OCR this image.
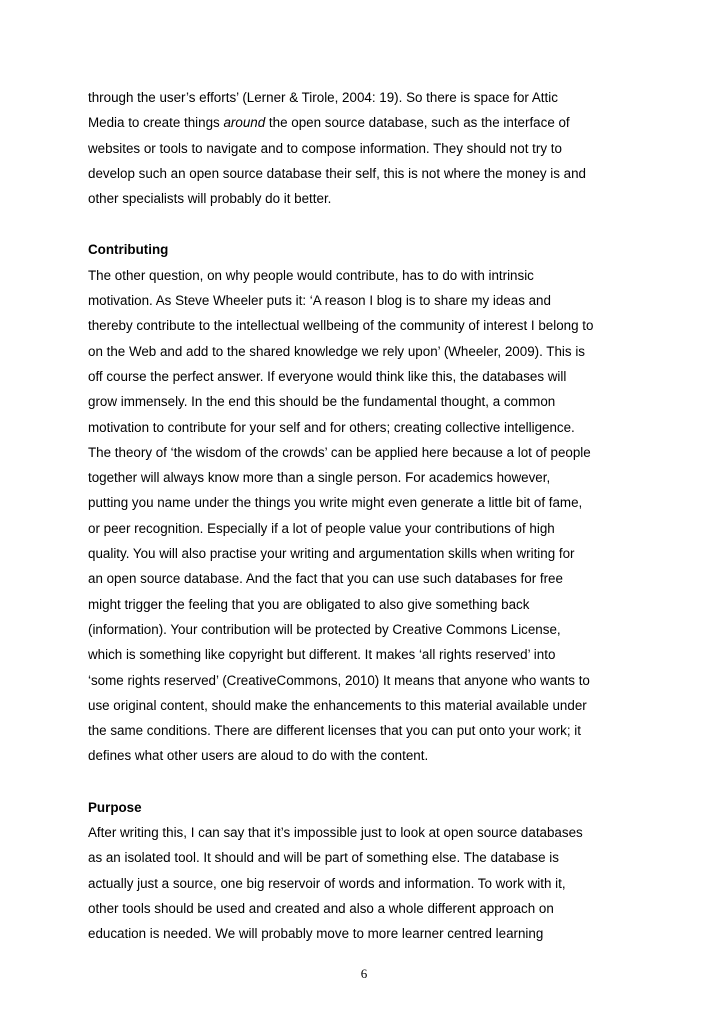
through the user’s efforts’ (Lerner & Tirole, 2004: 19). So there is space for Attic
Media to create things around the open source database, such as the interface of
websites or tools to navigate and to compose information. They should not try to
develop such an open source database their self, this is not where the money is and
other specialists will probably do it better.
Contributing
The other question, on why people would contribute, has to do with intrinsic
motivation. As Steve Wheeler puts it: ‘A reason I blog is to share my ideas and
thereby contribute to the intellectual wellbeing of the community of interest I belong to
on the Web and add to the shared knowledge we rely upon’ (Wheeler, 2009). This is
off course the perfect answer. If everyone would think like this, the databases will
grow immensely. In the end this should be the fundamental thought, a common
motivation to contribute for your self and for others; creating collective intelligence.
The theory of ‘the wisdom of the crowds’ can be applied here because a lot of people
together will always know more than a single person. For academics however,
putting you name under the things you write might even generate a little bit of fame,
or peer recognition. Especially if a lot of people value your contributions of high
quality. You will also practise your writing and argumentation skills when writing for
an open source database. And the fact that you can use such databases for free
might trigger the feeling that you are obligated to also give something back
(information). Your contribution will be protected by Creative Commons License,
which is something like copyright but different. It makes ‘all rights reserved’ into
‘some rights reserved’ (CreativeCommons, 2010) It means that anyone who wants to
use original content, should make the enhancements to this material available under
the same conditions. There are different licenses that you can put onto your work; it
defines what other users are aloud to do with the content.
Purpose
After writing this, I can say that it’s impossible just to look at open source databases
as an isolated tool. It should and will be part of something else. The database is
actually just a source, one big reservoir of words and information. To work with it,
other tools should be used and created and also a whole different approach on
education is needed. We will probably move to more learner centred learning
6
